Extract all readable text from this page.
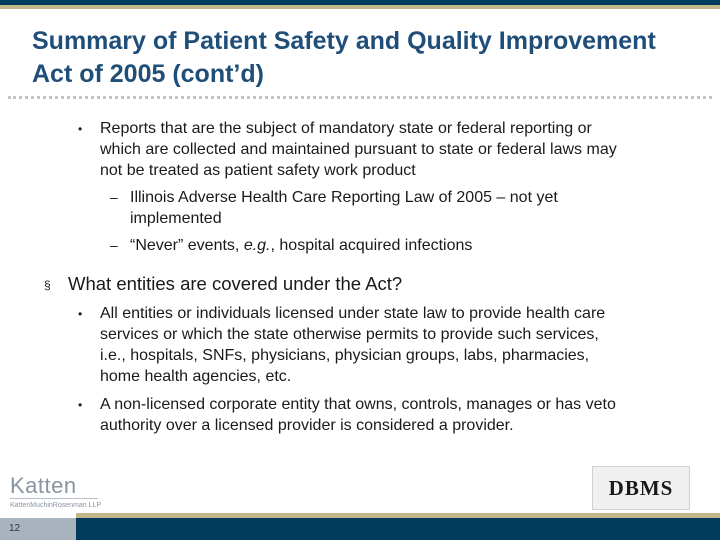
Summary of Patient Safety and Quality Improvement Act of 2005 (cont’d)
• Reports that are the subject of mandatory state or federal reporting or
which are collected and maintained pursuant to state or federal laws may
not be treated as patient safety work product
– Illinois Adverse Health Care Reporting Law of 2005 – not yet
implemented
– “Never” events, e.g., hospital acquired infections
§ What entities are covered under the Act?
• All entities or individuals licensed under state law to provide health care
services or which the state otherwise permits to provide such services,
i.e., hospitals, SNFs, physicians, physician groups, labs, pharmacies,
home health agencies, etc.
• A non-licensed corporate entity that owns, controls, manages or has veto
authority over a licensed provider is considered a provider.
Katten
KattenMuchinRosenman LLP
DBMS
12
